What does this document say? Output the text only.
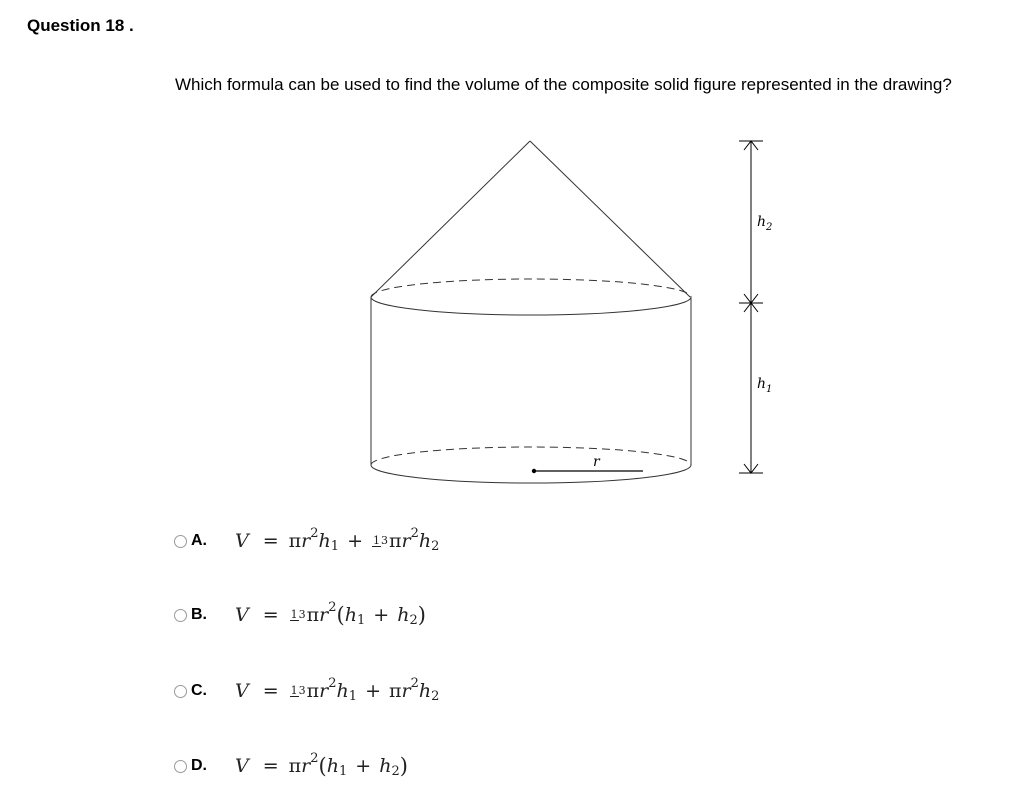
Question 18 .
Which formula can be used to find the volume of the composite solid figure represented in the drawing?
r
$h_2$
$h_1$
A.	V = π r 2 h 1 + 13 π r 2 h 2
B.	V = 13 π r 2 ( h 1 + h 2 )
C.	V = 13 π r 2 h 1 + π r 2 h 2
D.	V = π r 2 ( h 1 + h 2 )
